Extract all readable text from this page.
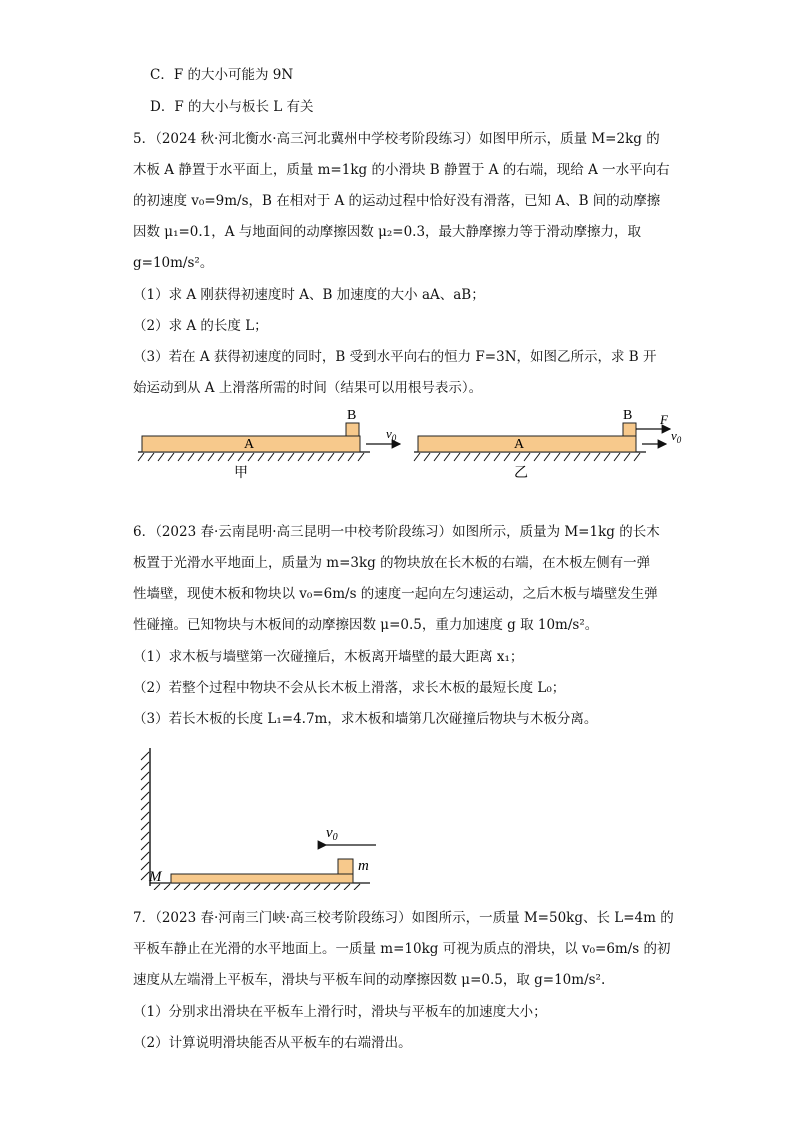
C．F 的大小可能为 9N
D．F 的大小与板长 L 有关
5．（2024 秋·河北衡水·高三河北冀州中学校考阶段练习）如图甲所示，质量 M=2kg 的
木板 A 静置于水平面上，质量 m=1kg 的小滑块 B 静置于 A 的右端，现给 A 一水平向右
的初速度 v₀=9m/s，B 在相对于 A 的运动过程中恰好没有滑落，已知 A、B 间的动摩擦
因数 μ₁=0.1，A 与地面间的动摩擦因数 μ₂=0.3，最大静摩擦力等于滑动摩擦力，取
g=10m/s²。
（1）求 A 刚获得初速度时 A、B 加速度的大小 aA、aB；
（2）求 A 的长度 L；
（3）若在 A 获得初速度的同时，B 受到水平向右的恒力 F=3N，如图乙所示，求 B 开
始运动到从 A 上滑落所需的时间（结果可以用根号表示）。
A
B
$v_0$
甲
A
B F
$v_0$
乙
6．（2023 春·云南昆明·高三昆明一中校考阶段练习）如图所示，质量为 M=1kg 的长木
板置于光滑水平地面上，质量为 m=3kg 的物块放在长木板的右端，在木板左侧有一弹
性墙壁，现使木板和物块以 v₀=6m/s 的速度一起向左匀速运动，之后木板与墙壁发生弹
性碰撞。已知物块与木板间的动摩擦因数 μ=0.5，重力加速度 g 取 10m/s²。
（1）求木板与墙壁第一次碰撞后，木板离开墙壁的最大距离 x₁；
（2）若整个过程中物块不会从长木板上滑落，求长木板的最短长度 L₀；
（3）若长木板的长度 L₁=4.7m，求木板和墙第几次碰撞后物块与木板分离。
M
m
$v_0$
7．（2023 春·河南三门峡·高三校考阶段练习）如图所示，一质量 M=50kg、长 L=4m 的
平板车静止在光滑的水平地面上。一质量 m=10kg 可视为质点的滑块，以 v₀=6m/s 的初
速度从左端滑上平板车，滑块与平板车间的动摩擦因数 μ=0.5，取 g=10m/s².
（1）分别求出滑块在平板车上滑行时，滑块与平板车的加速度大小；
（2）计算说明滑块能否从平板车的右端滑出。
